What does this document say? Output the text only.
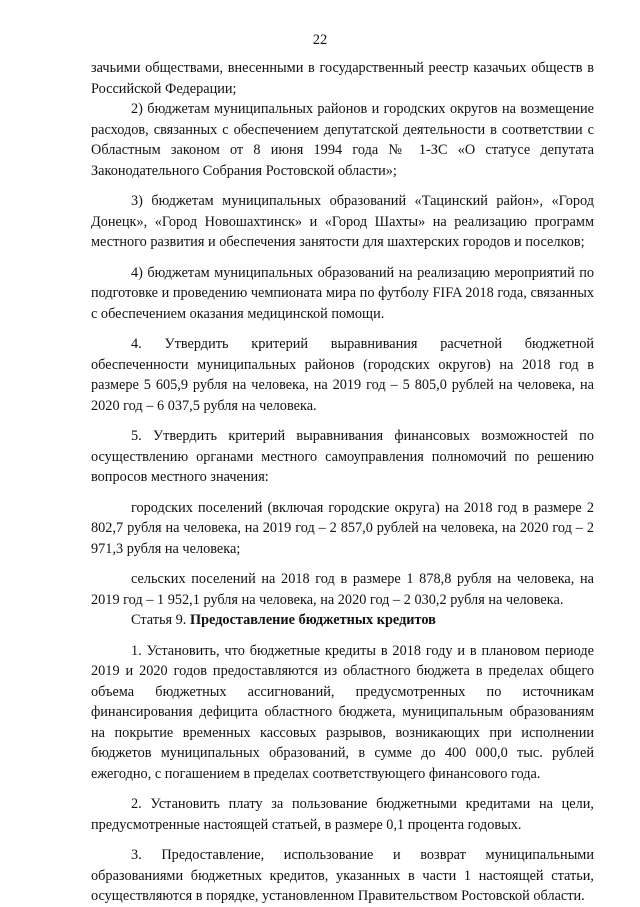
22

зачьими обществами, внесенными в государственный реестр казачьих обществ в Российской Федерации;

2) бюджетам муниципальных районов и городских округов на возмещение расходов, связанных с обеспечением депутатской деятельности в соответствии с Областным законом от 8 июня 1994 года № 1-ЗС «О статусе депутата Законодательного Собрания Ростовской области»;

3) бюджетам муниципальных образований «Тацинский район», «Город Донецк», «Город Новошахтинск» и «Город Шахты» на реализацию программ местного развития и обеспечения занятости для шахтерских городов и поселков;

4) бюджетам муниципальных образований на реализацию мероприятий по подготовке и проведению чемпионата мира по футболу FIFA 2018 года, связанных с обеспечением оказания медицинской помощи.

4. Утвердить критерий выравнивания расчетной бюджетной обеспеченности муниципальных районов (городских округов) на 2018 год в размере 5 605,9 рубля на человека, на 2019 год – 5 805,0 рублей на человека, на 2020 год – 6 037,5 рубля на человека.

5. Утвердить критерий выравнивания финансовых возможностей по осуществлению органами местного самоуправления полномочий по решению вопросов местного значения:

городских поселений (включая городские округа) на 2018 год в размере 2 802,7 рубля на человека, на 2019 год – 2 857,0 рублей на человека, на 2020 год – 2 971,3 рубля на человека;

сельских поселений на 2018 год в размере 1 878,8 рубля на человека, на 2019 год – 1 952,1 рубля на человека, на 2020 год – 2 030,2 рубля на человека.

Статья 9. Предоставление бюджетных кредитов

1. Установить, что бюджетные кредиты в 2018 году и в плановом периоде 2019 и 2020 годов предоставляются из областного бюджета в пределах общего объема бюджетных ассигнований, предусмотренных по источникам финансирования дефицита областного бюджета, муниципальным образованиям на покрытие временных кассовых разрывов, возникающих при исполнении бюджетов муниципальных образований, в сумме до 400 000,0 тыс. рублей ежегодно, с погашением в пределах соответствующего финансового года.

2. Установить плату за пользование бюджетными кредитами на цели, предусмотренные настоящей статьей, в размере 0,1 процента годовых.

3. Предоставление, использование и возврат муниципальными образованиями бюджетных кредитов, указанных в части 1 настоящей статьи, осуществляются в порядке, установленном Правительством Ростовской области.
